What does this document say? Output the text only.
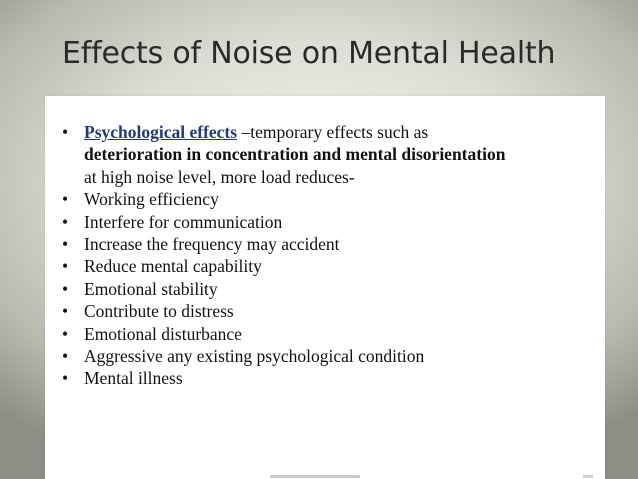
Effects of Noise on Mental Health
• Psychological effects –temporary effects such as
deterioration in concentration and mental disorientation
at high noise level, more load reduces-
• Working efficiency
• Interfere for communication
• Increase the frequency may accident
• Reduce mental capability
• Emotional stability
• Contribute to distress
• Emotional disturbance
• Aggressive any existing psychological condition
• Mental illness
